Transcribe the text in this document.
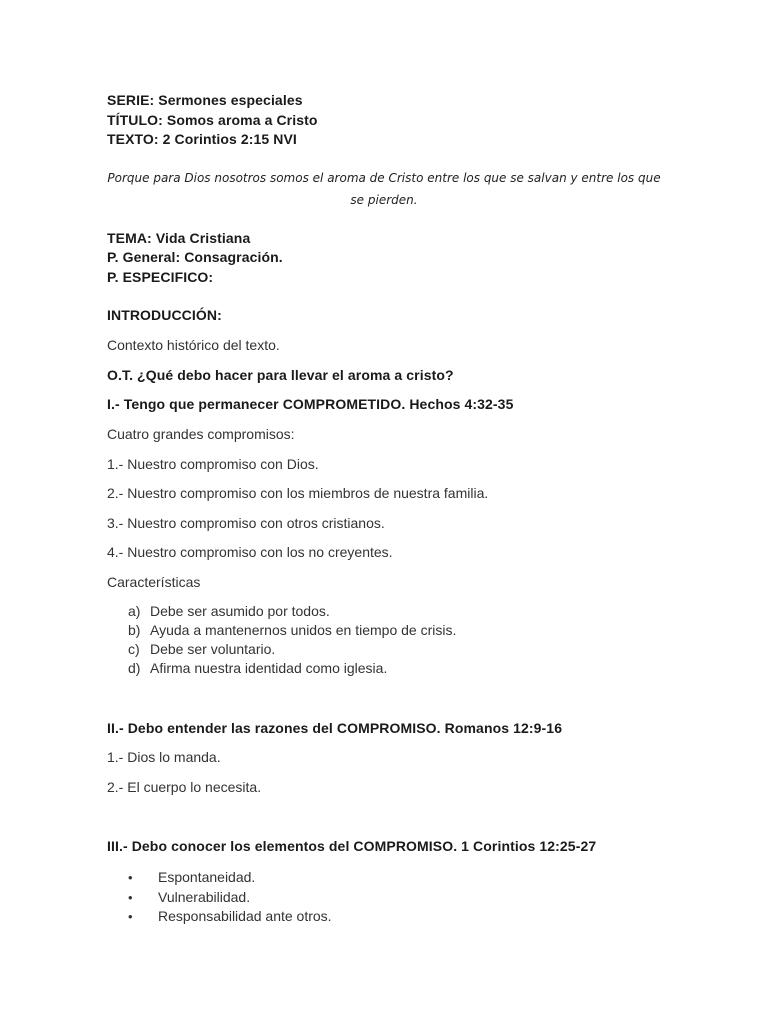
SERIE: Sermones especiales
TÍTULO: Somos aroma a Cristo
TEXTO: 2 Corintios 2:15 NVI
Porque para Dios nosotros somos el aroma de Cristo entre los que se salvan y entre los que
se pierden.
TEMA: Vida Cristiana
P. General: Consagración.
P. ESPECIFICO:
INTRODUCCIÓN:
Contexto histórico del texto.
O.T. ¿Qué debo hacer para llevar el aroma a cristo?
I.- Tengo que permanecer COMPROMETIDO. Hechos 4:32-35
Cuatro grandes compromisos:
1.- Nuestro compromiso con Dios.
2.- Nuestro compromiso con los miembros de nuestra familia.
3.- Nuestro compromiso con otros cristianos.
4.- Nuestro compromiso con los no creyentes.
Características
a) Debe ser asumido por todos.
b) Ayuda a mantenernos unidos en tiempo de crisis.
c) Debe ser voluntario.
d) Afirma nuestra identidad como iglesia.
II.- Debo entender las razones del COMPROMISO. Romanos 12:9-16
1.- Dios lo manda.
2.- El cuerpo lo necesita.
III.- Debo conocer los elementos del COMPROMISO. 1 Corintios 12:25-27
• Espontaneidad.
• Vulnerabilidad.
• Responsabilidad ante otros.
